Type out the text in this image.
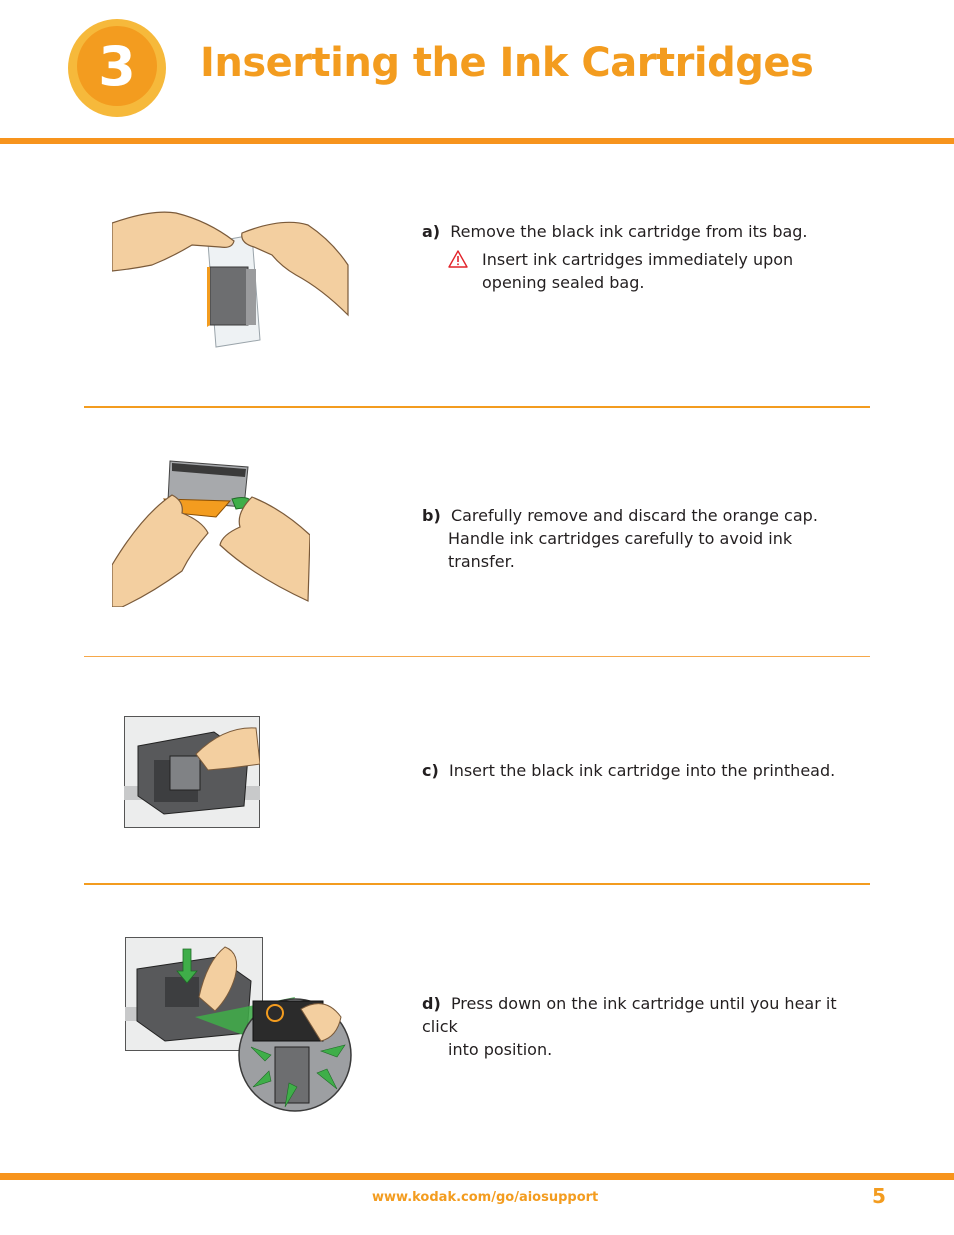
3	Inserting the Ink Cartridges
a) Remove the black ink cartridge from its bag.
Insert ink cartridges immediately upon opening sealed bag.
b) Carefully remove and discard the orange cap.
Handle ink cartridges carefully to avoid ink transfer.
c) Insert the black ink cartridge into the printhead.
d) Press down on the ink cartridge until you hear it click
into position.
www.kodak.com/go/aiosupport	5
